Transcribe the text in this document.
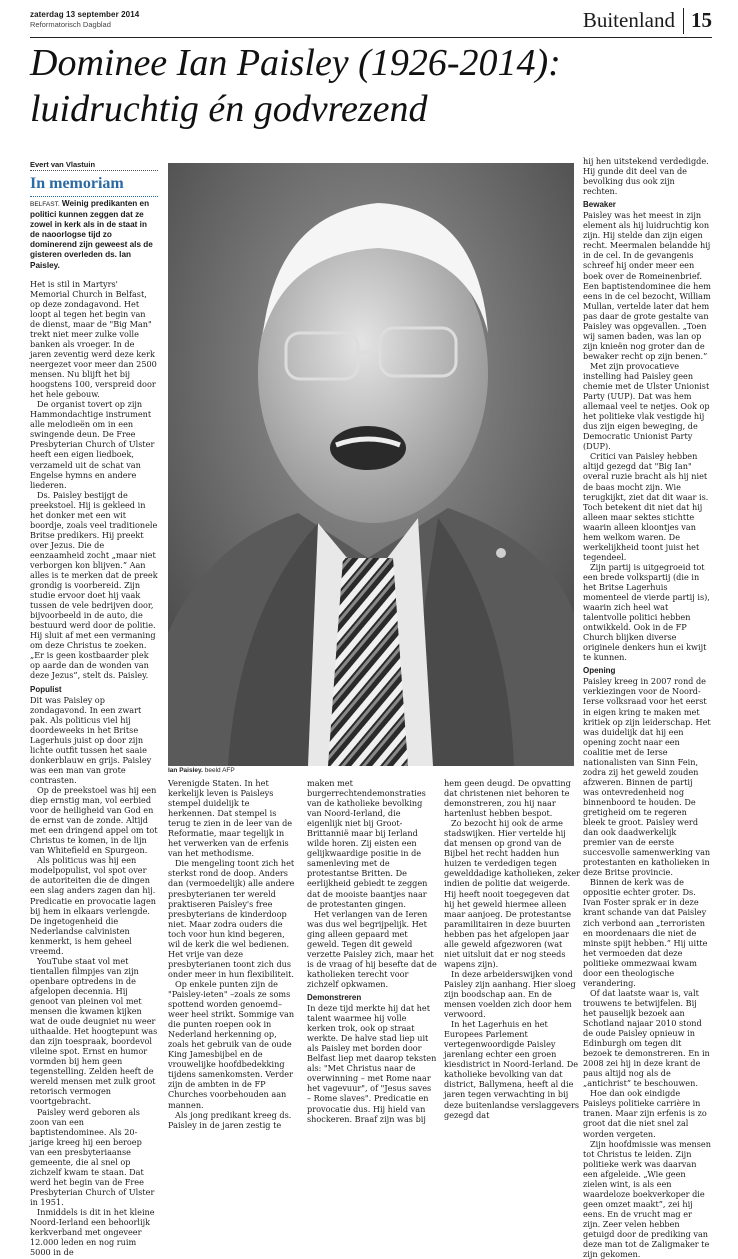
zaterdag 13 september 2014
Reformatorisch Dagblad	Buitenland 15
Dominee Ian Paisley (1926-2014):
luidruchtig én godvrezend
Evert van Vlastuin
In memoriam

BELFAST. Weinig predikanten en politici kunnen zeggen dat ze zowel in kerk als in de staat in de naoorlogse tijd zo dominerend zijn geweest als de gisteren overleden ds. Ian Paisley.

Het is stil in Martyrs' Memorial Church in Belfast, op deze zondagavond. Het loopt al tegen het begin van de dienst, maar de "Big Man" trekt niet meer zulke volle banken als vroeger. In de jaren zeventig werd deze kerk neergezet voor meer dan 2500 mensen. Nu blijft het bij hoogstens 100, verspreid door het hele gebouw.

De organist tovert op zijn Hammondachtige instrument alle melodieën om in een swingende deun. De Free Presbyterian Church of Ulster heeft een eigen liedboek, verzameld uit de schat van Engelse hymns en andere liederen.

Ds. Paisley bestijgt de preekstoel. Hij is gekleed in het donker met een wit boordje, zoals veel traditionele Britse predikers. Hij preekt over Jezus. Die de eenzaamheid zocht „maar niet verborgen kon blijven.” Aan alles is te merken dat de preek grondig is voorbereid. Zijn studie ervoor doet hij vaak tussen de vele bedrijven door, bijvoorbeeld in de auto, die bestuurd werd door de politie. Hij sluit af met een vermaning om deze Christus te zoeken. „Er is geen kostbaarder plek op aarde dan de wonden van deze Jezus”, stelt ds. Paisley.

Populist

Dit was Paisley op zondagavond. In een zwart pak. Als politicus viel hij doordeweeks in het Britse Lagerhuis juist op door zijn lichte outfit tussen het saaie donkerblauw en grijs. Paisley was een man van grote contrasten.

Op de preekstoel was hij een diep ernstig man, vol eerbied voor de heiligheid van God en de ernst van de zonde. Altijd met een dringend appel om tot Christus te komen, in de lijn van Whitefield en Spurgeon.

Als politicus was hij een modelpopulist, vol spot over de autoriteiten die de dingen een slag anders zagen dan hij. Predicatie en provocatie lagen bij hem in elkaars verlengde. De ingetogenheid die Nederlandse calvinisten kenmerkt, is hem geheel vreemd.

YouTube staat vol met tientallen filmpjes van zijn openbare optredens in de afgelopen decennia. Hij genoot van pleinen vol met mensen die kwamen kijken wat de oude deugniet nu weer uithaalde. Het hoogtepunt was dan zijn toespraak, boordevol vileine spot. Ernst en humor vormden bij hem geen tegenstelling. Zelden heeft de wereld mensen met zulk groot retorisch vermogen voortgebracht.

Paisley werd geboren als zoon van een baptistendominee. Als 20-jarige kreeg hij een beroep van een presbyteriaanse gemeente, die al snel op zichzelf kwam te staan. Dat werd het begin van de Free Presbyterian Church of Ulster in 1951.

Inmiddels is dit in het kleine Noord-Ierland een behoorlijk kerkverband met ongeveer 12.000 leden en nog ruim 5000 in de

Ian Paisley. beeld AFP

Verenigde Staten. In het kerkelijk leven is Paisleys stempel duidelijk te herkennen. Dat stempel is terug te zien in de leer van de Reformatie, maar tegelijk in het verwerken van de erfenis van het methodisme.

Die mengeling toont zich het sterkst rond de doop. Anders dan (vermoedelijk) alle andere presbyterianen ter wereld praktiseren Paisley's free presbyterians de kinderdoop niet. Maar zodra ouders die toch voor hun kind begeren, wil de kerk die wel bedienen. Het vrije van deze presbyterianen toont zich dus onder meer in hun flexibiliteit.

Op enkele punten zijn de "Paisley-ieten" –zoals ze soms spottend worden genoemd– weer heel strikt. Sommige van die punten roepen ook in Nederland herkenning op, zoals het gebruik van de oude King Jamesbijbel en de vrouwelijke hoofdbedekking tijdens samenkomsten. Verder zijn de ambten in de FP Churches voorbehouden aan mannen.

Als jong predikant kreeg ds. Paisley in de jaren zestig te

maken met burgerrechtendemonstraties van de katholieke bevolking van Noord-Ierland, die eigenlijk niet bij Groot-Brittannië maar bij Ierland wilde horen. Zij eisten een gelijkwaardige positie in de samenleving met de protestantse Britten. De eerlijkheid gebiedt te zeggen dat de mooiste baantjes naar de protestanten gingen.

Het verlangen van de Ieren was dus wel begrijpelijk. Het ging alleen gepaard met geweld. Tegen dit geweld verzette Paisley zich, maar het is de vraag of hij besefte dat de katholieken terecht voor zichzelf opkwamen.

Demonstreren

In deze tijd merkte hij dat het talent waarmee hij volle kerken trok, ook op straat werkte. De halve stad liep uit als Paisley met borden door Belfast liep met daarop teksten als: "Met Christus naar de overwinning – met Rome naar het vagevuur", of "Jesus saves – Rome slaves". Predicatie en provocatie dus. Hij hield van shockeren. Braaf zijn was bij

hem geen deugd. De opvatting dat christenen niet behoren te demonstreren, zou hij naar hartenlust hebben bespot.

Zo bezocht hij ook de arme stadswijken. Hier vertelde hij dat mensen op grond van de Bijbel het recht hadden hun huizen te verdedigen tegen gewelddadige katholieken, zeker indien de politie dat weigerde. Hij heeft nooit toegegeven dat hij het geweld hiermee alleen maar aanjoeg. De protestantse paramilitairen in deze buurten hebben pas het afgelopen jaar alle geweld afgezworen (wat niet uitsluit dat er nog steeds wapens zijn).

In deze arbeiderswijken vond Paisley zijn aanhang. Hier sloeg zijn boodschap aan. En de mensen voelden zich door hem verwoord.

In het Lagerhuis en het Europees Parlement vertegenwoordigde Paisley jarenlang echter een groen kiesdistrict in Noord-Ierland. De katholieke bevolking van dat district, Ballymena, heeft al die jaren tegen verwachting in bij deze buitenlandse verslaggevers gezegd dat

hij hen uitstekend verdedigde. Hij gunde dit deel van de bevolking dus ook zijn rechten.

Bewaker

Paisley was het meest in zijn element als hij luidruchtig kon zijn. Hij stelde dan zijn eigen recht. Meermalen belandde hij in de cel. In de gevangenis schreef hij onder meer een boek over de Romeinenbrief. Een baptistendominee die hem eens in de cel bezocht, William Mullan, vertelde later dat hem pas daar de grote gestalte van Paisley was opgevallen. „Toen wij samen baden, was lan op zijn knieën nog groter dan de bewaker recht op zijn benen.”

Met zijn provocatieve instelling had Paisley geen chemie met de Ulster Unionist Party (UUP). Dat was hem allemaal veel te netjes. Ook op het politieke vlak vestigde hij dus zijn eigen beweging, de Democratic Unionist Party (DUP).

Critici van Paisley hebben altijd gezegd dat "Big Ian" overal ruzie bracht als hij niet de baas mocht zijn. Wie terugkijkt, ziet dat dit waar is. Toch betekent dit niet dat hij alleen maar sektes stichtte waarin alleen kloontjes van hem welkom waren. De werkelijkheid toont juist het tegendeel.

Zijn partij is uitgegroeid tot een brede volkspartij (die in het Britse Lagerhuis momenteel de vierde partij is), waarin zich heel wat talentvolle politici hebben ontwikkeld. Ook in de FP Church blijken diverse originele denkers hun ei kwijt te kunnen.

Opening

Paisley kreeg in 2007 rond de verkiezingen voor de Noord-Ierse volksraad voor het eerst in eigen kring te maken met kritiek op zijn leiderschap. Het was duidelijk dat hij een opening zocht naar een coalitie met de Ierse nationalisten van Sinn Fein, zodra zij het geweld zouden afzweren. Binnen de partij was ontevredenheid nog binnenboord te houden. De gretigheid om te regeren bleek te groot. Paisley werd dan ook daadwerkelijk premier van de eerste succesvolle samenwerking van protestanten en katholieken in deze Britse provincie.

Binnen de kerk was de oppositie echter groter. Ds. Ivan Foster sprak er in deze krant schande van dat Paisley zich verbond aan „terroristen en moordenaars die niet de minste spijt hebben.” Hij uitte het vermoeden dat deze politieke ommezwaai kwam door een theologische verandering.

Of dat laatste waar is, valt trouwens te betwijfelen. Bij het pauselijk bezoek aan Schotland najaar 2010 stond de oude Paisley opnieuw in Edinburgh om tegen dit bezoek te demonstreren. En in 2008 zei hij in deze krant de paus altijd nog als de „antichrist” te beschouwen.

Hoe dan ook eindigde Paisleys politieke carrière in tranen. Maar zijn erfenis is zo groot dat die niet snel zal worden vergeten.

Zijn hoofdmissie was mensen tot Christus te leiden. Zijn politieke werk was daarvan een afgeleide. „Wie geen zielen wint, is als een waardeloze boekverkoper die geen omzet maakt”, zei hij eens. En de vrucht mag er zijn. Zeer velen hebben getuigd door de prediking van deze man tot de Zaligmaker te zijn gekomen.
